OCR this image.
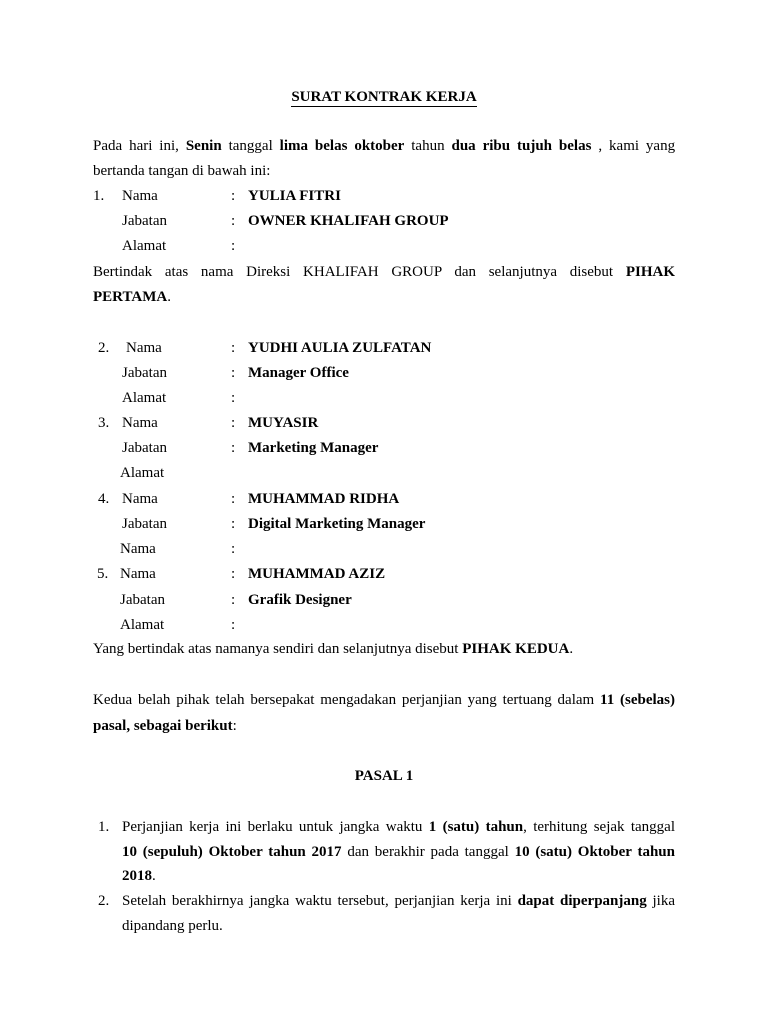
SURAT KONTRAK KERJA
Pada hari ini, Senin tanggal lima belas oktober tahun dua ribu tujuh belas , kami yang
bertanda tangan di bawah ini:
1. Nama	: YULIA FITRI
Jabatan	: OWNER KHALIFAH GROUP
Alamat	:
Bertindak atas nama Direksi KHALIFAH GROUP dan selanjutnya disebut PIHAK
PERTAMA.
2. Nama	: YUDHI AULIA ZULFATAN
Jabatan	: Manager Office
Alamat	:
3. Nama	: MUYASIR
Jabatan	: Marketing Manager
Alamat
4. Nama	: MUHAMMAD RIDHA
Jabatan	: Digital Marketing Manager
Nama	:
5. Nama	: MUHAMMAD AZIZ
Jabatan	: Grafik Designer
Alamat	:
Yang bertindak atas namanya sendiri dan selanjutnya disebut PIHAK KEDUA.
Kedua belah pihak telah bersepakat mengadakan perjanjian yang tertuang dalam 11 (sebelas)
pasal, sebagai berikut:
PASAL 1
1. Perjanjian kerja ini berlaku untuk jangka waktu 1 (satu) tahun, terhitung sejak tanggal
10 (sepuluh) Oktober tahun 2017 dan berakhir pada tanggal 10 (satu) Oktober tahun
2018.
2. Setelah berakhirnya jangka waktu tersebut, perjanjian kerja ini dapat diperpanjang jika
dipandang perlu.
